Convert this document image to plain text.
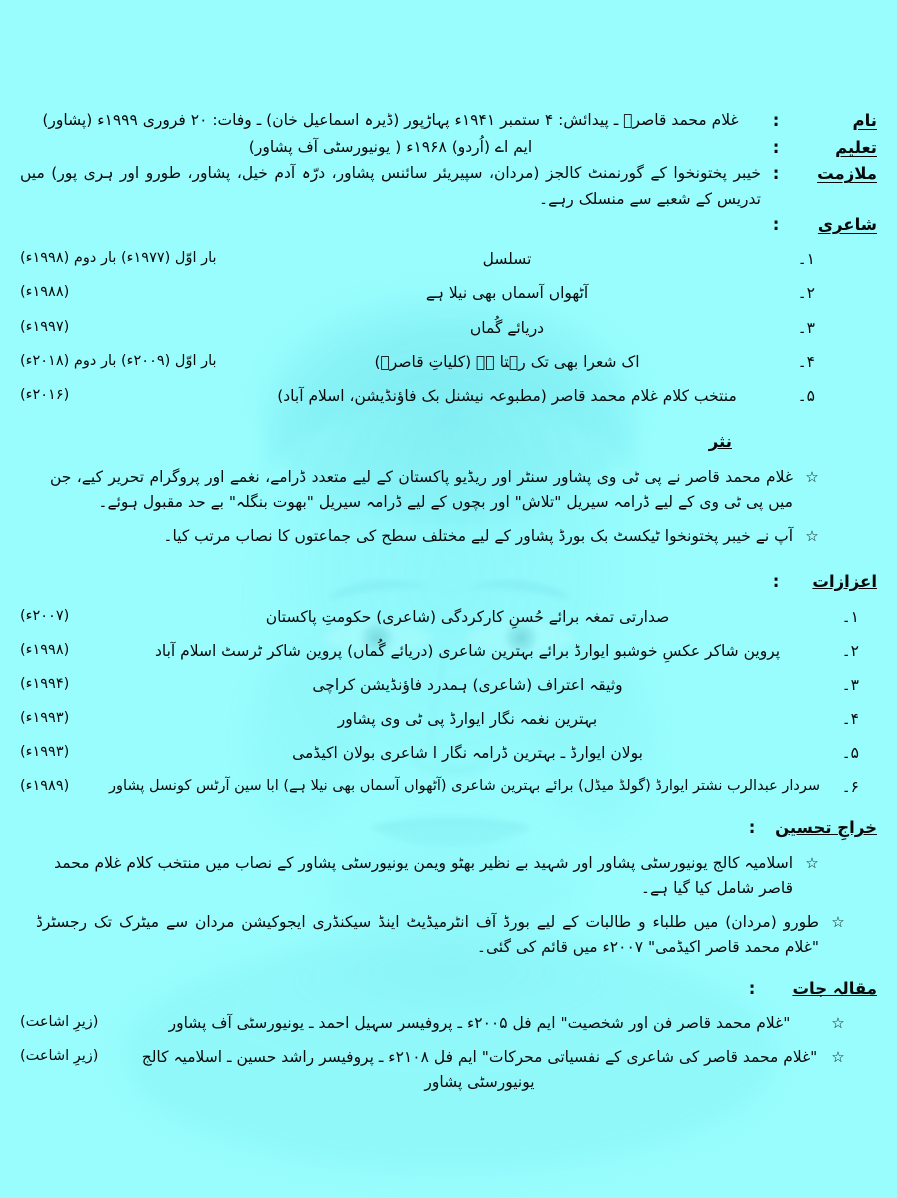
نام
:
غلام محمد قاصرؔ ـ پیدائش: ۴ ستمبر ۱۹۴۱ء پہاڑپور (ڈیرہ اسماعیل خان) ـ وفات: ۲۰ فروری ۱۹۹۹ء (پشاور)
تعلیم
:
ایم اے (اُردو) ۱۹۶۸ء ( یونیورسٹی آف پشاور)
ملازمت
:
خیبر پختونخوا کے گورنمنٹ کالجز (مردان، سپیریئر سائنس پشاور، درّہ آدم خیل، پشاور، طورو اور ہری پور) میں تدریس کے شعبے سے منسلک رہے۔
شاعری
:
۱۔
تسلسل
بار اوّل (۱۹۷۷ء) بار دوم (۱۹۹۸ء)
۲۔
آٹھواں آسماں بھی نیلا ہے
(۱۹۸۸ء)
۳۔
دریائے گُماں
(۱۹۹۷ء)
۴۔
اک شعرا بھی تک رہتا ہے (کلیاتِ قاصرؔ)
بار اوّل (۲۰۰۹ء) بار دوم (۲۰۱۸ء)
۵۔
منتخب کلام غلام محمد قاصر (مطبوعہ نیشنل بک فاؤنڈیشن، اسلام آباد)
(۲۰۱۶ء)
نثر
☆
غلام محمد قاصر نے پی ٹی وی پشاور سنٹر اور ریڈیو پاکستان کے لیے متعدد ڈرامے، نغمے اور پروگرام تحریر کیے، جن میں پی ٹی وی کے لیے ڈرامہ سیریل "تلاش" اور بچوں کے لیے ڈرامہ سیریل "بھوت بنگلہ" بے حد مقبول ہوئے۔
☆
آپ نے خیبر پختونخوا ٹیکسٹ بک بورڈ پشاور کے لیے مختلف سطح کی جماعتوں کا نصاب مرتب کیا۔
اعزازات
:
۱۔
صدارتی تمغہ برائے حُسنِ کارکردگی (شاعری) حکومتِ پاکستان
(۲۰۰۷ء)
۲۔
پروین شاکر عکسِ خوشبو ایوارڈ برائے بہترین شاعری (دریائے گُماں) پروین شاکر ٹرسٹ اسلام آباد
(۱۹۹۸ء)
۳۔
وثیقہ اعتراف (شاعری) ہمدرد فاؤنڈیشن کراچی
(۱۹۹۴ء)
۴۔
بہترین نغمہ نگار ایوارڈ پی ٹی وی پشاور
(۱۹۹۳ء)
۵۔
بولان ایوارڈ ـ بہترین ڈرامہ نگار ا شاعری بولان اکیڈمی
(۱۹۹۳ء)
۶۔
سردار عبدالرب نشتر ایوارڈ (گولڈ میڈل) برائے بہترین شاعری (آٹھواں آسماں بھی نیلا ہے) ابا سین آرٹس کونسل پشاور
(۱۹۸۹ء)
خراجِ تحسین
:
☆
اسلامیہ کالج یونیورسٹی پشاور اور شہید بے نظیر بھٹو ویمن یونیورسٹی پشاور کے نصاب میں منتخب کلام غلام محمد قاصر شامل کیا گیا ہے۔
☆
طورو (مردان) میں طلباء و طالبات کے لیے بورڈ آف انٹرمیڈیٹ اینڈ سیکنڈری ایجوکیشن مردان سے میٹرک تک رجسٹرڈ "غلام محمد قاصر اکیڈمی" ۲۰۰۷ء میں قائم کی گئی۔
مقالہ جات
:
☆
"غلام محمد قاصر فن اور شخصیت" ایم فل ۲۰۰۵ء ـ پروفیسر سہیل احمد ـ یونیورسٹی آف پشاور
(زیرِ اشاعت)
☆
"غلام محمد قاصر کی شاعری کے نفسیاتی محرکات" ایم فل ۲۱۰۸ء ـ پروفیسر راشد حسین ـ اسلامیہ کالج یونیورسٹی پشاور
(زیرِ اشاعت)
